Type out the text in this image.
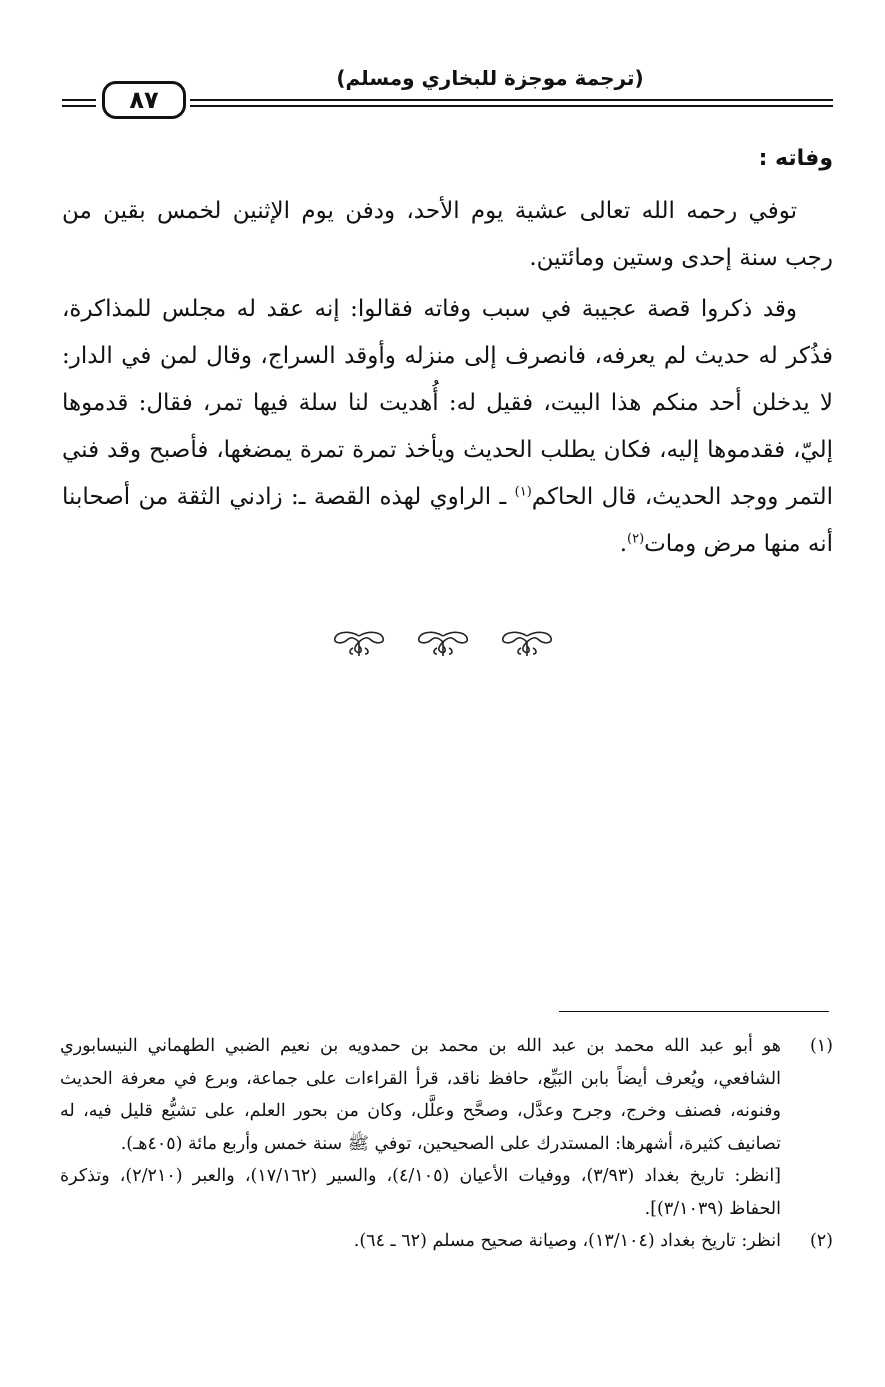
(ترجمة موجزة للبخاري ومسلم)
٨٧
وفاته :

توفي رحمه الله تعالى عشية يوم الأحد، ودفن يوم الإثنين لخمس بقين من رجب سنة إحدى وستين ومائتين.

وقد ذكروا قصة عجيبة في سبب وفاته فقالوا: إنه عقد له مجلس للمذاكرة، فذُكر له حديث لم يعرفه، فانصرف إلى منزله وأوقد السراج، وقال لمن في الدار: لا يدخلن أحد منكم هذا البيت، فقيل له: أُهديت لنا سلة فيها تمر، فقال: قدموها إليّ، فقدموها إليه، فكان يطلب الحديث ويأخذ تمرة تمرة يمضغها، فأصبح وقد فني التمر ووجد الحديث، قال الحاكم$^{(١)}$ ـ الراوي لهذه القصة ـ: زادني الثقة من أصحابنا أنه منها مرض ومات$^{(٢)}$.

(١)

هو أبو عبد الله محمد بن عبد الله بن محمد بن حمدويه بن نعيم الضبي الطهماني النيسابوري الشافعي، ويُعرف أيضاً بابن البَيِّع، حافظ ناقد، قرأ القراءات على جماعة، وبرع في معرفة الحديث وفنونه، فصنف وخرج، وجرح وعدَّل، وصحَّح وعلَّل، وكان من بحور العلم، على تشيُّع قليل فيه، له تصانيف كثيرة، أشهرها: المستدرك على الصحيحين، توفي ﷺ سنة خمس وأربع مائة (٤٠٥هـ).

[انظر: تاريخ بغداد (٣/٩٣)، ووفيات الأعيان (٤/١٠٥)، والسير (١٧/١٦٢)، والعبر (٢/٢١٠)، وتذكرة الحفاظ (٣/١٠٣٩)].

(٢)

انظر: تاريخ بغداد (١٣/١٠٤)، وصيانة صحيح مسلم (٦٢ ـ ٦٤).
